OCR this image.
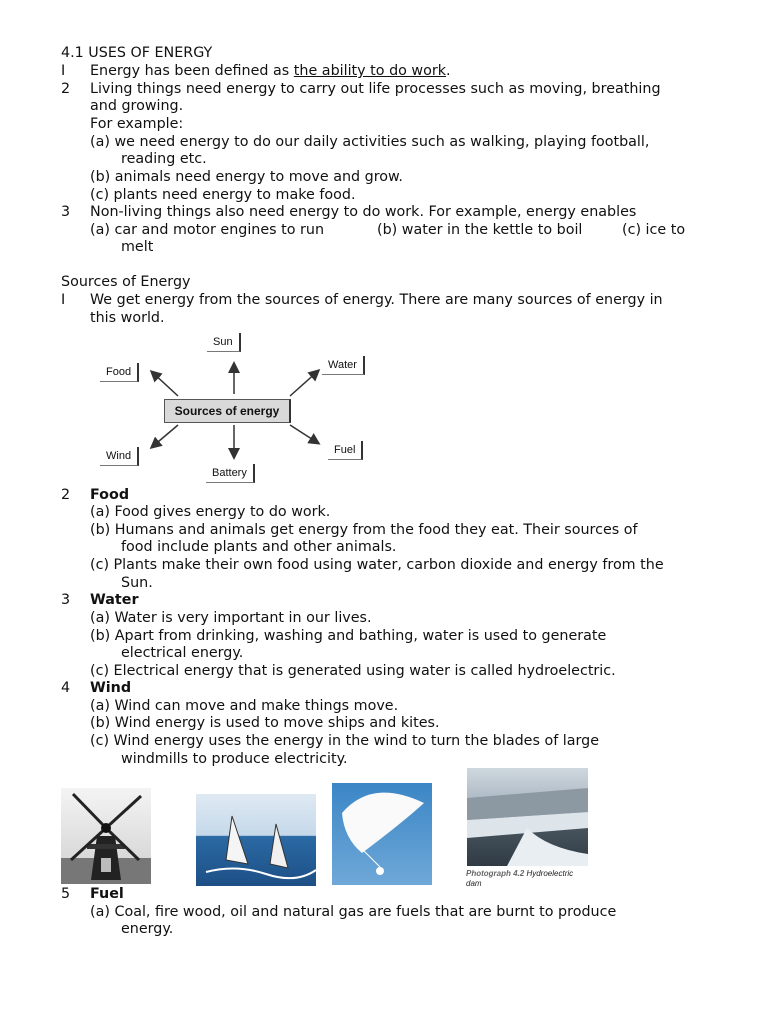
4.1 USES OF ENERGY
I Energy has been defined as the ability to do work.
2 Living things need energy to carry out life processes such as moving, breathing
and growing.
For example:
(a) we need energy to do our daily activities such as walking, playing football,
reading etc.
(b) animals need energy to move and grow.
(c) plants need energy to make food.
3 Non-living things also need energy to do work. For example, energy enables
(a) car and motor engines to run	(b) water in the kettle to boil	(c) ice to
melt
Sources of Energy
I We get energy from the sources of energy. There are many sources of energy in
this world.
Sun
Food
Water
Sources of energy
Wind	Fuel
Battery
2 Food
(a) Food gives energy to do work.
(b) Humans and animals get energy from the food they eat. Their sources of
food include plants and other animals.
(c) Plants make their own food using water, carbon dioxide and energy from the
Sun.
3 Water
(a) Water is very important in our lives.
(b) Apart from drinking, washing and bathing, water is used to generate
electrical energy.
(c) Electrical energy that is generated using water is called hydroelectric.
4 Wind
(a) Wind can move and make things move.
(b) Wind energy is used to move ships and kites.
(c) Wind energy uses the energy in the wind to turn the blades of large
windmills to produce electricity.
Photograph 4.2 Hydroelectric
dam
5 Fuel
(a) Coal, fire wood, oil and natural gas are fuels that are burnt to produce
energy.
